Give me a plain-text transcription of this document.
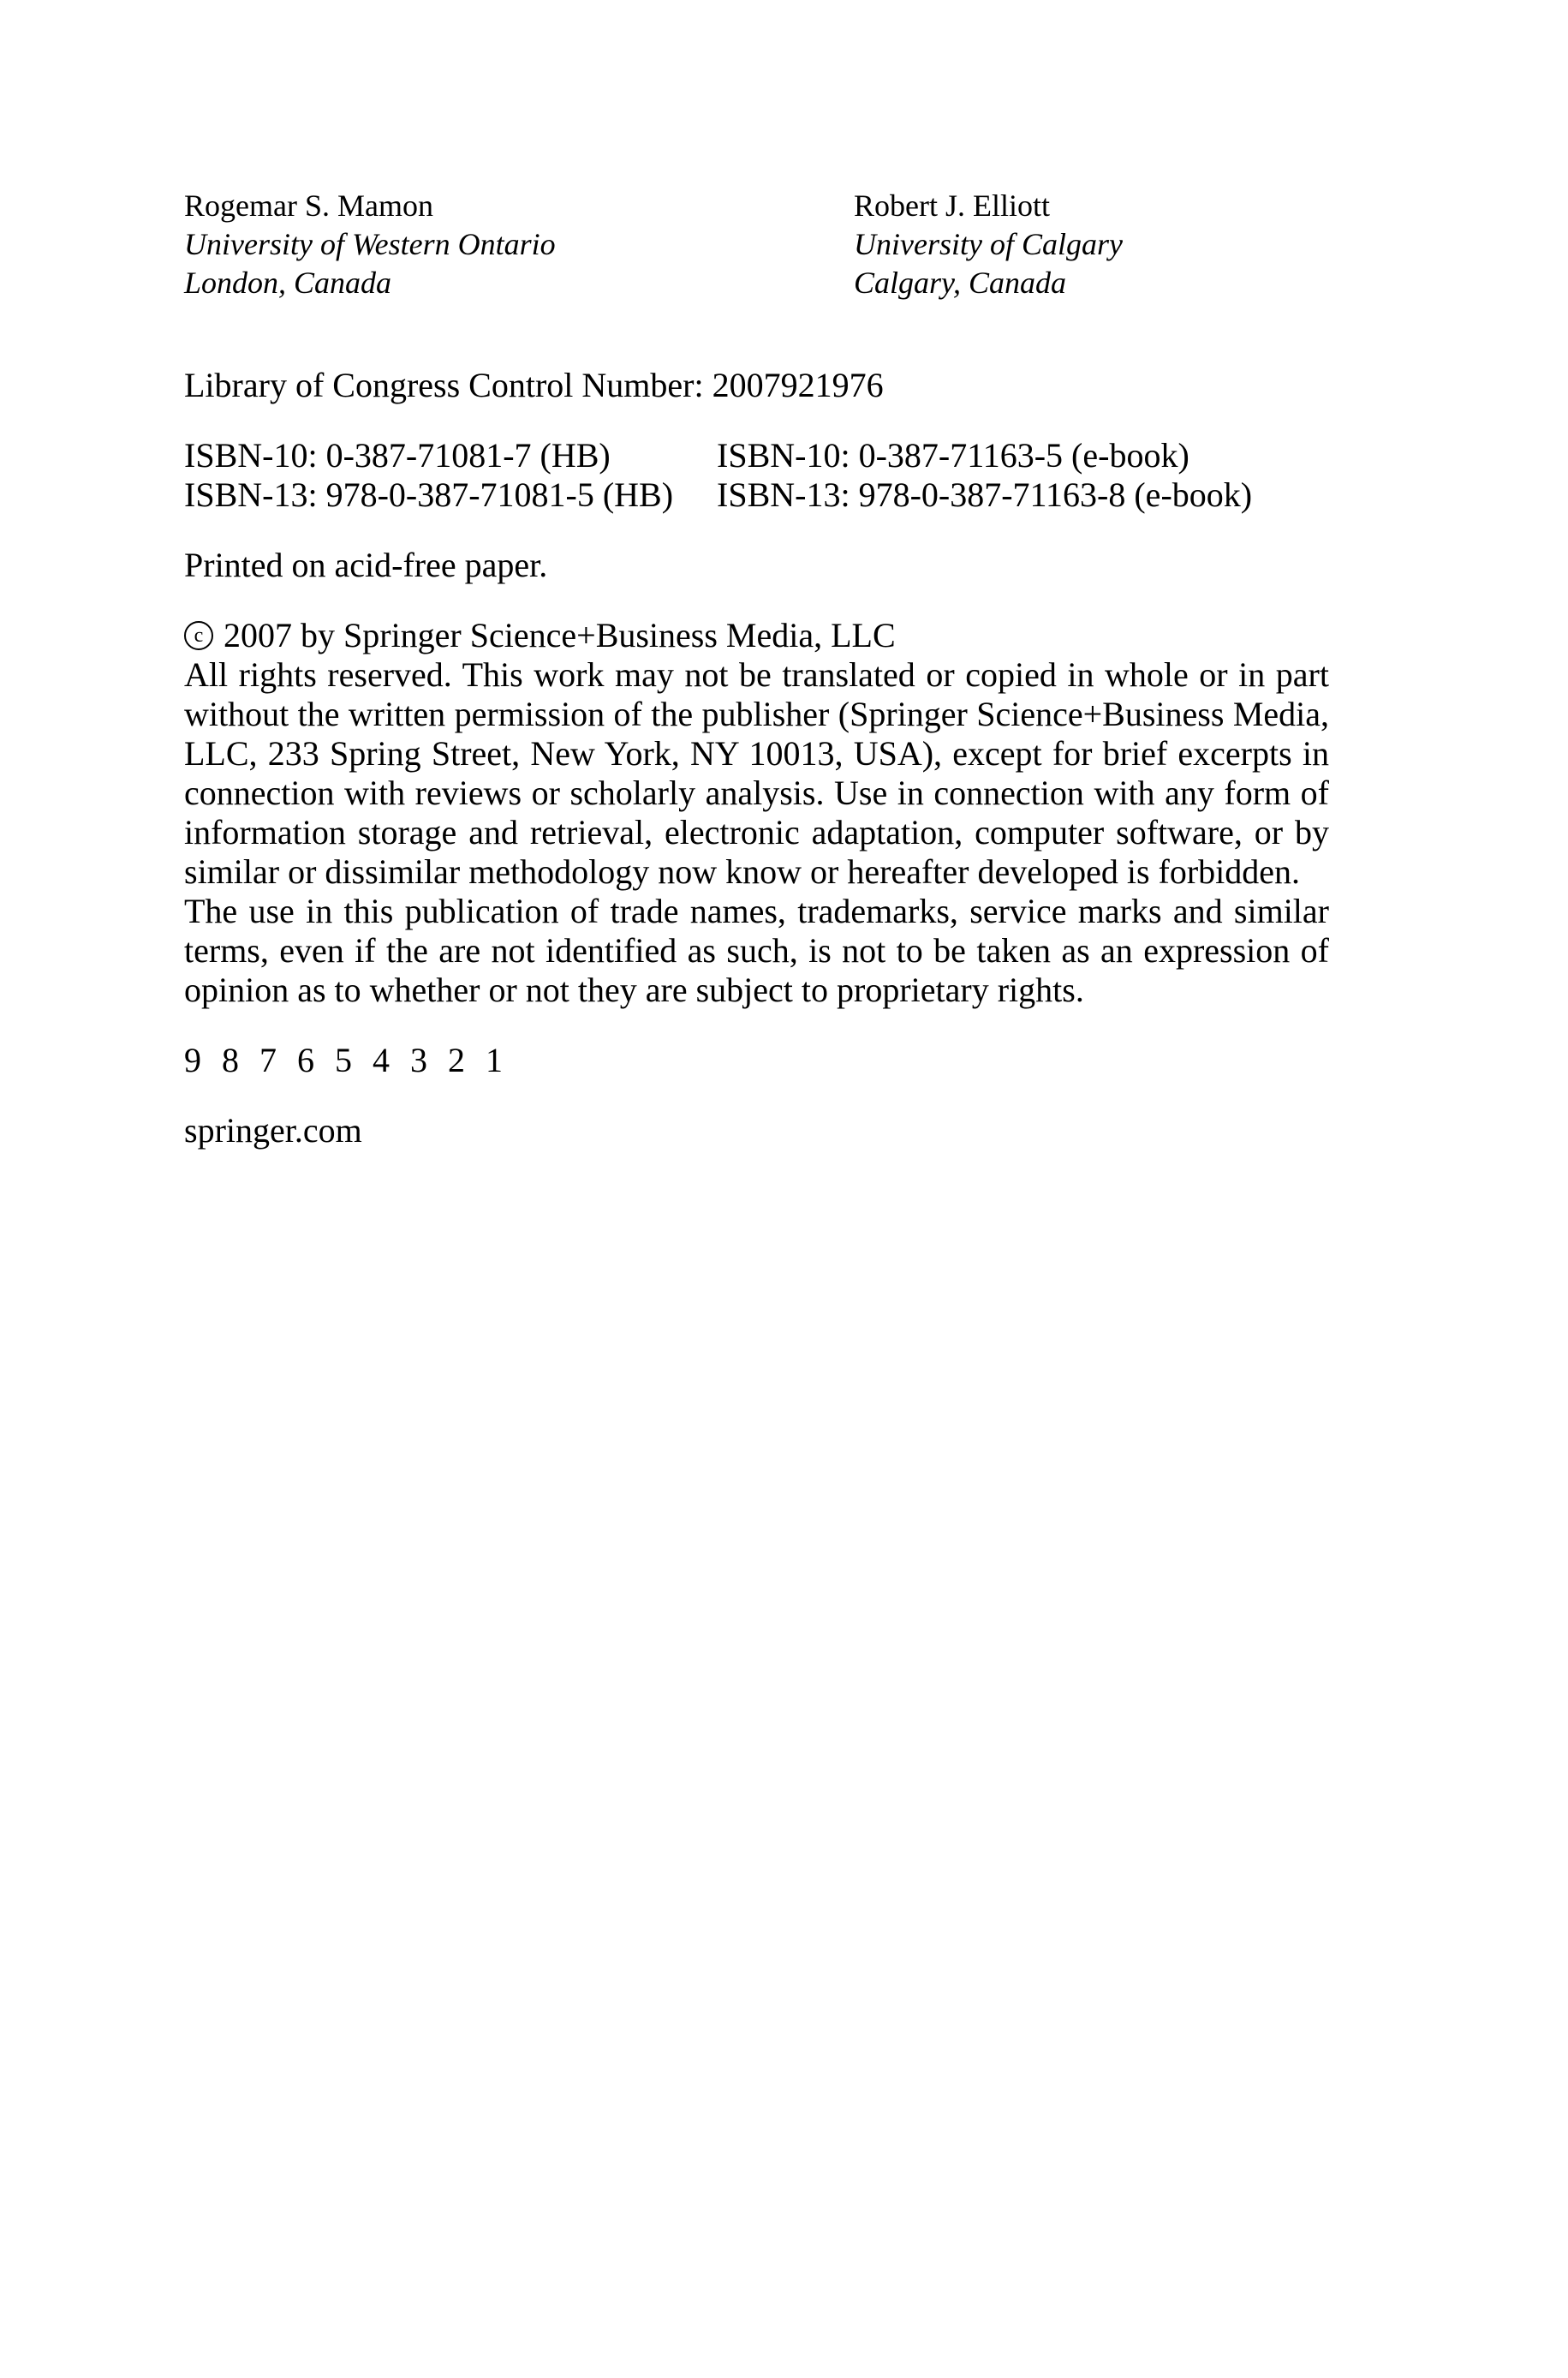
Rogemar S. Mamon
University of Western Ontario
London, Canada
Robert J. Elliott
University of Calgary
Calgary, Canada
Library of Congress Control Number: 2007921976
ISBN-10: 0-387-71081-7 (HB)	ISBN-10: 0-387-71163-5 (e-book)
ISBN-13: 978-0-387-71081-5 (HB)	ISBN-13: 978-0-387-71163-8 (e-book)
Printed on acid-free paper.
c 2007 by Springer Science+Business Media, LLC

All rights reserved. This work may not be translated or copied in whole or in part without the written permission of the publisher (Springer Science+Business Media, LLC, 233 Spring Street, New York, NY 10013, USA), except for brief excerpts in connection with reviews or scholarly analysis. Use in connection with any form of information storage and retrieval, electronic adaptation, computer software, or by similar or dissimilar methodology now know or hereafter developed is forbidden.

The use in this publication of trade names, trademarks, service marks and similar terms, even if the are not identified as such, is not to be taken as an expression of opinion as to whether or not they are subject to proprietary rights.

9 8 7 6 5 4 3 2 1
springer.com
